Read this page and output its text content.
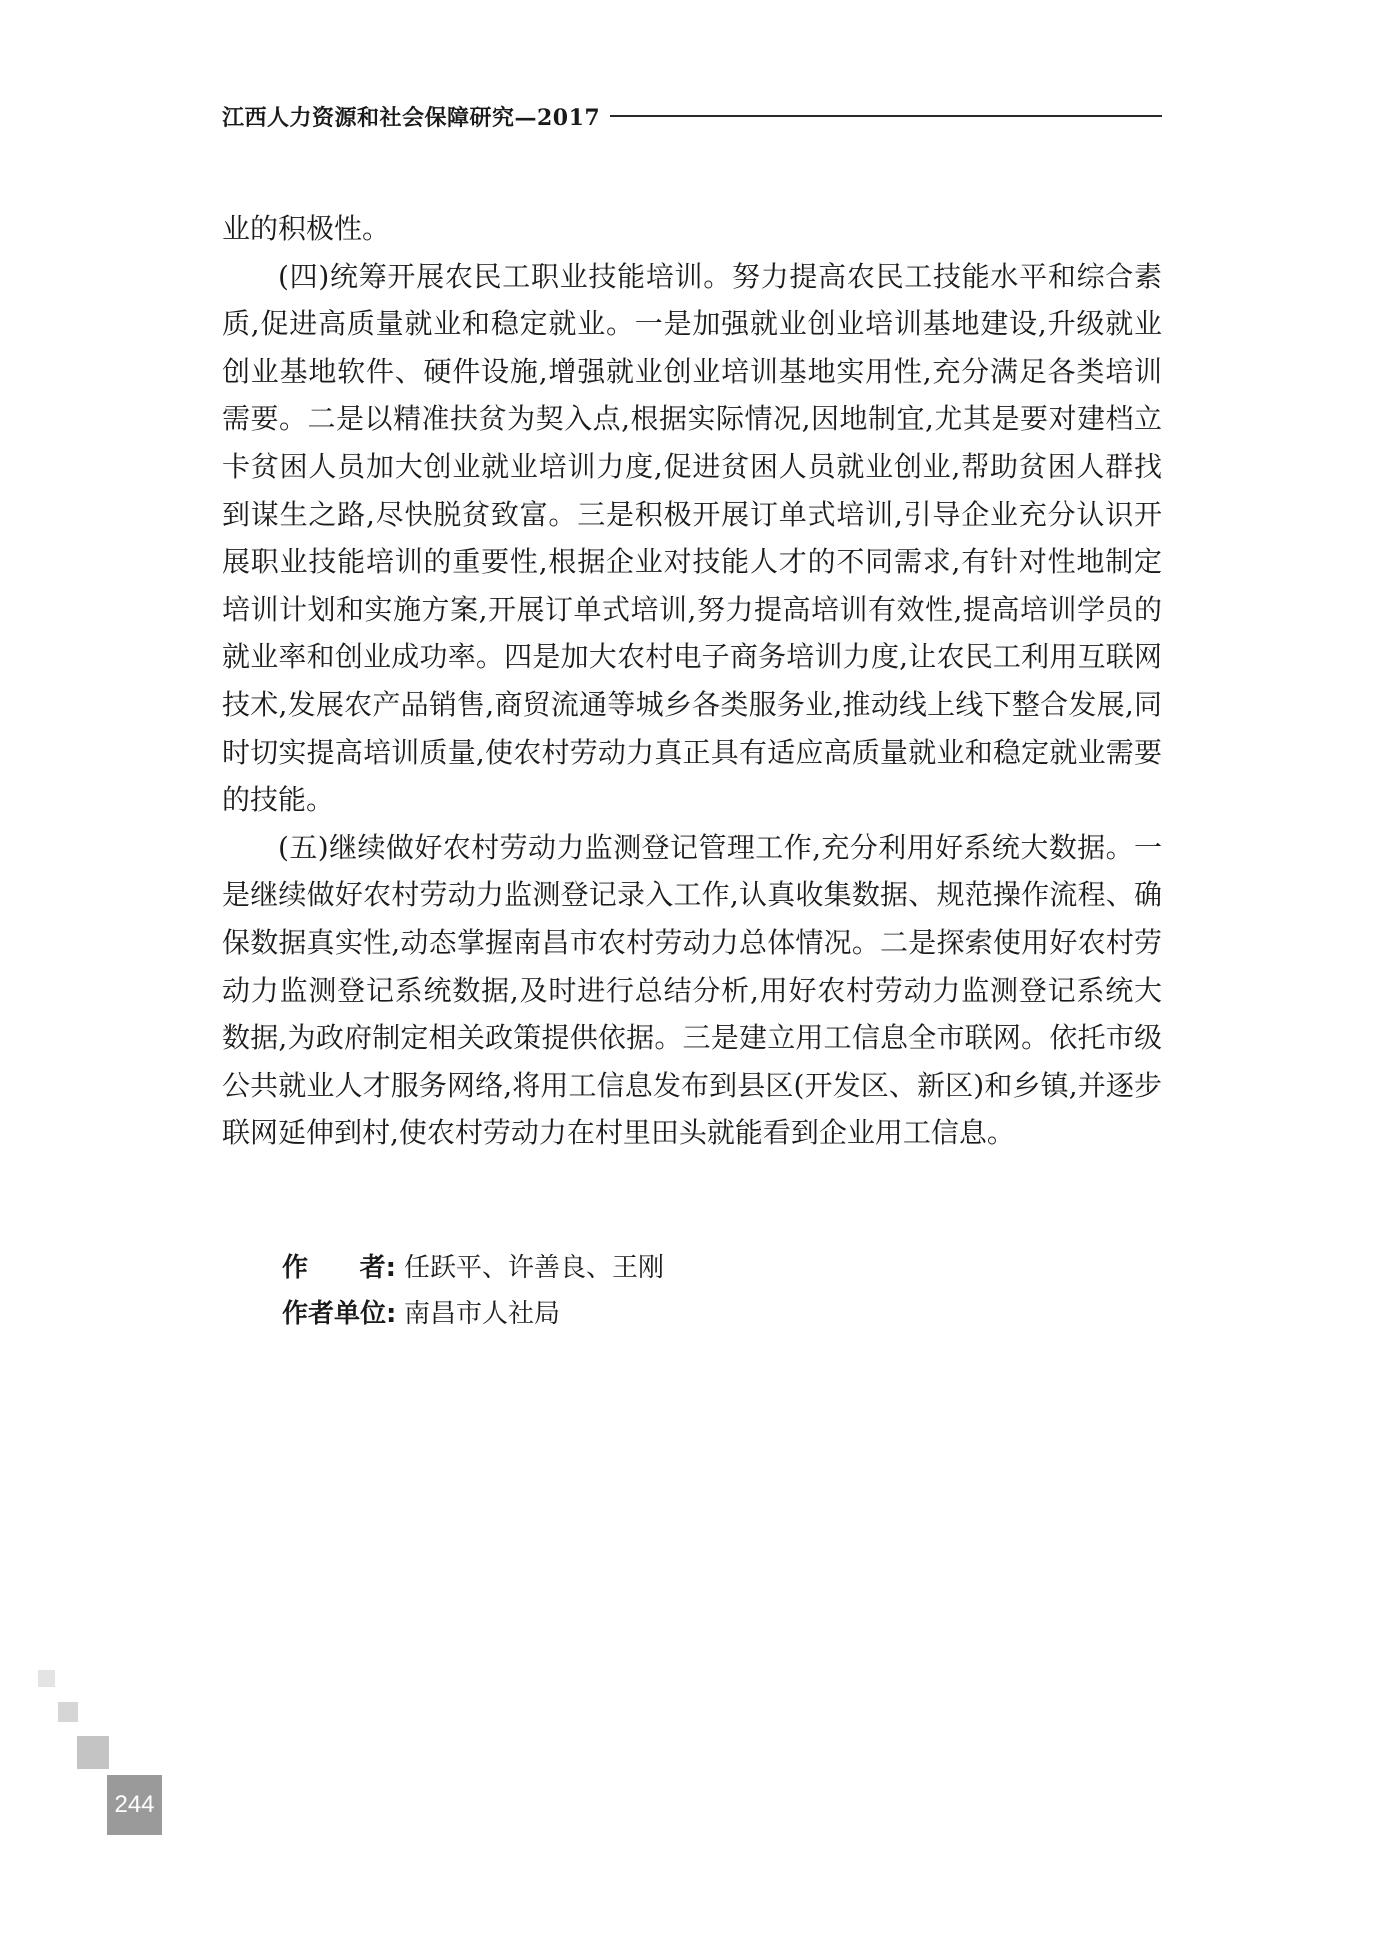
江西人力资源和社会保障研究—2017

业的积极性。

(四)统筹开展农民工职业技能培训。努力提高农民工技能水平和综合素质,促进高质量就业和稳定就业。一是加强就业创业培训基地建设,升级就业创业基地软件、硬件设施,增强就业创业培训基地实用性,充分满足各类培训需要。二是以精准扶贫为契入点,根据实际情况,因地制宜,尤其是要对建档立卡贫困人员加大创业就业培训力度,促进贫困人员就业创业,帮助贫困人群找到谋生之路,尽快脱贫致富。三是积极开展订单式培训,引导企业充分认识开展职业技能培训的重要性,根据企业对技能人才的不同需求,有针对性地制定培训计划和实施方案,开展订单式培训,努力提高培训有效性,提高培训学员的就业率和创业成功率。四是加大农村电子商务培训力度,让农民工利用互联网技术,发展农产品销售,商贸流通等城乡各类服务业,推动线上线下整合发展,同时切实提高培训质量,使农村劳动力真正具有适应高质量就业和稳定就业需要的技能。

(五)继续做好农村劳动力监测登记管理工作,充分利用好系统大数据。一是继续做好农村劳动力监测登记录入工作,认真收集数据、规范操作流程、确保数据真实性,动态掌握南昌市农村劳动力总体情况。二是探索使用好农村劳动力监测登记系统数据,及时进行总结分析,用好农村劳动力监测登记系统大数据,为政府制定相关政策提供依据。三是建立用工信息全市联网。依托市级公共就业人才服务网络,将用工信息发布到县区(开发区、新区)和乡镇,并逐步联网延伸到村,使农村劳动力在村里田头就能看到企业用工信息。

作 者: 任跃平、许善良、王刚
作者单位: 南昌市人社局
244
